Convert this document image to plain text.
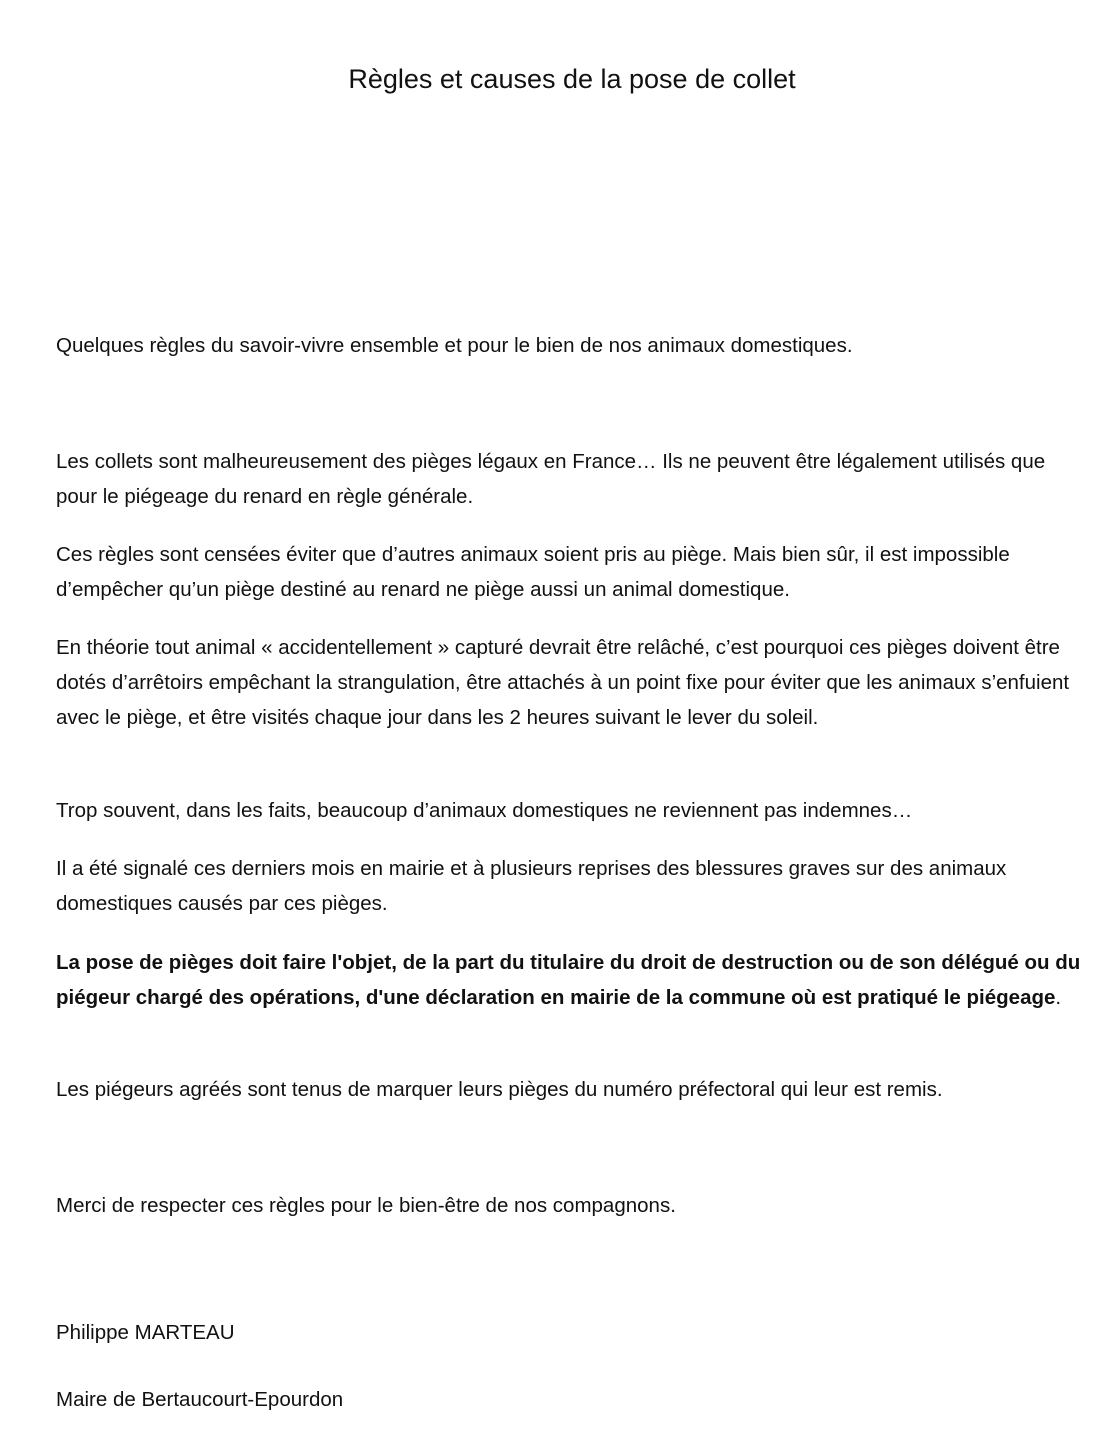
Règles et causes de la pose de collet

Quelques règles du savoir-vivre ensemble et pour le bien de nos animaux domestiques.

Les collets sont malheureusement des pièges légaux en France… Ils ne peuvent être légalement utilisés que pour le piégeage du renard en règle générale.

Ces règles sont censées éviter que d’autres animaux soient pris au piège. Mais bien sûr, il est impossible d’empêcher qu’un piège destiné au renard ne piège aussi un animal domestique.

En théorie tout animal « accidentellement » capturé devrait être relâché, c’est pourquoi ces pièges doivent être dotés d’arrêtoirs empêchant la strangulation, être attachés à un point fixe pour éviter que les animaux s’enfuient avec le piège, et être visités chaque jour dans les 2 heures suivant le lever du soleil.

Trop souvent, dans les faits, beaucoup d’animaux domestiques ne reviennent pas indemnes…

Il a été signalé ces derniers mois en mairie et à plusieurs reprises des blessures graves sur des animaux domestiques causés par ces pièges.

La pose de pièges doit faire l'objet, de la part du titulaire du droit de destruction ou de son délégué ou du piégeur chargé des opérations, d'une déclaration en mairie de la commune où est pratiqué le piégeage.

Les piégeurs agréés sont tenus de marquer leurs pièges du numéro préfectoral qui leur est remis.

Merci de respecter ces règles pour le bien-être de nos compagnons.

Philippe MARTEAU

Maire de Bertaucourt-Epourdon
